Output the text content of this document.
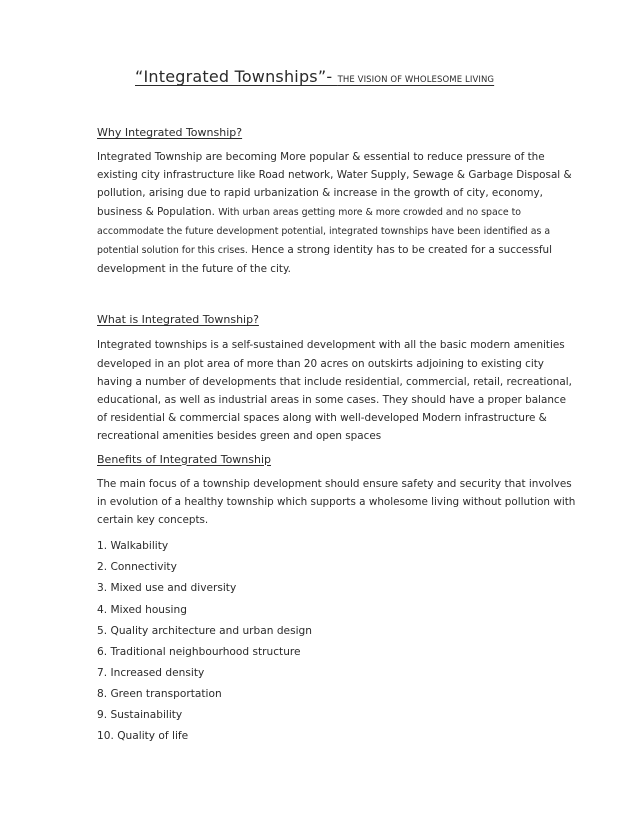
“Integrated Townships”- THE VISION OF WHOLESOME LIVING
Why Integrated Township?

Integrated Township are becoming More popular & essential to reduce pressure of the existing city infrastructure like Road network, Water Supply, Sewage & Garbage Disposal & pollution, arising due to rapid urbanization & increase in the growth of city, economy, business & Population. With urban areas getting more & more crowded and no space to accommodate the future development potential, integrated townships have been identified as a potential solution for this crises. Hence a strong identity has to be created for a successful development in the future of the city.

What is Integrated Township?

Integrated townships is a self-sustained development with all the basic modern amenities developed in an plot area of more than 20 acres on outskirts adjoining to existing city having a number of developments that include residential, commercial, retail, recreational, educational, as well as industrial areas in some cases. They should have a proper balance of residential & commercial spaces along with well-developed Modern infrastructure & recreational amenities besides green and open spaces

Benefits of Integrated Township

The main focus of a township development should ensure safety and security that involves in evolution of a healthy township which supports a wholesome living without pollution with certain key concepts.

1. Walkability
2. Connectivity
3. Mixed use and diversity
4. Mixed housing
5. Quality architecture and urban design
6. Traditional neighbourhood structure
7. Increased density
8. Green transportation
9. Sustainability
10. Quality of life
